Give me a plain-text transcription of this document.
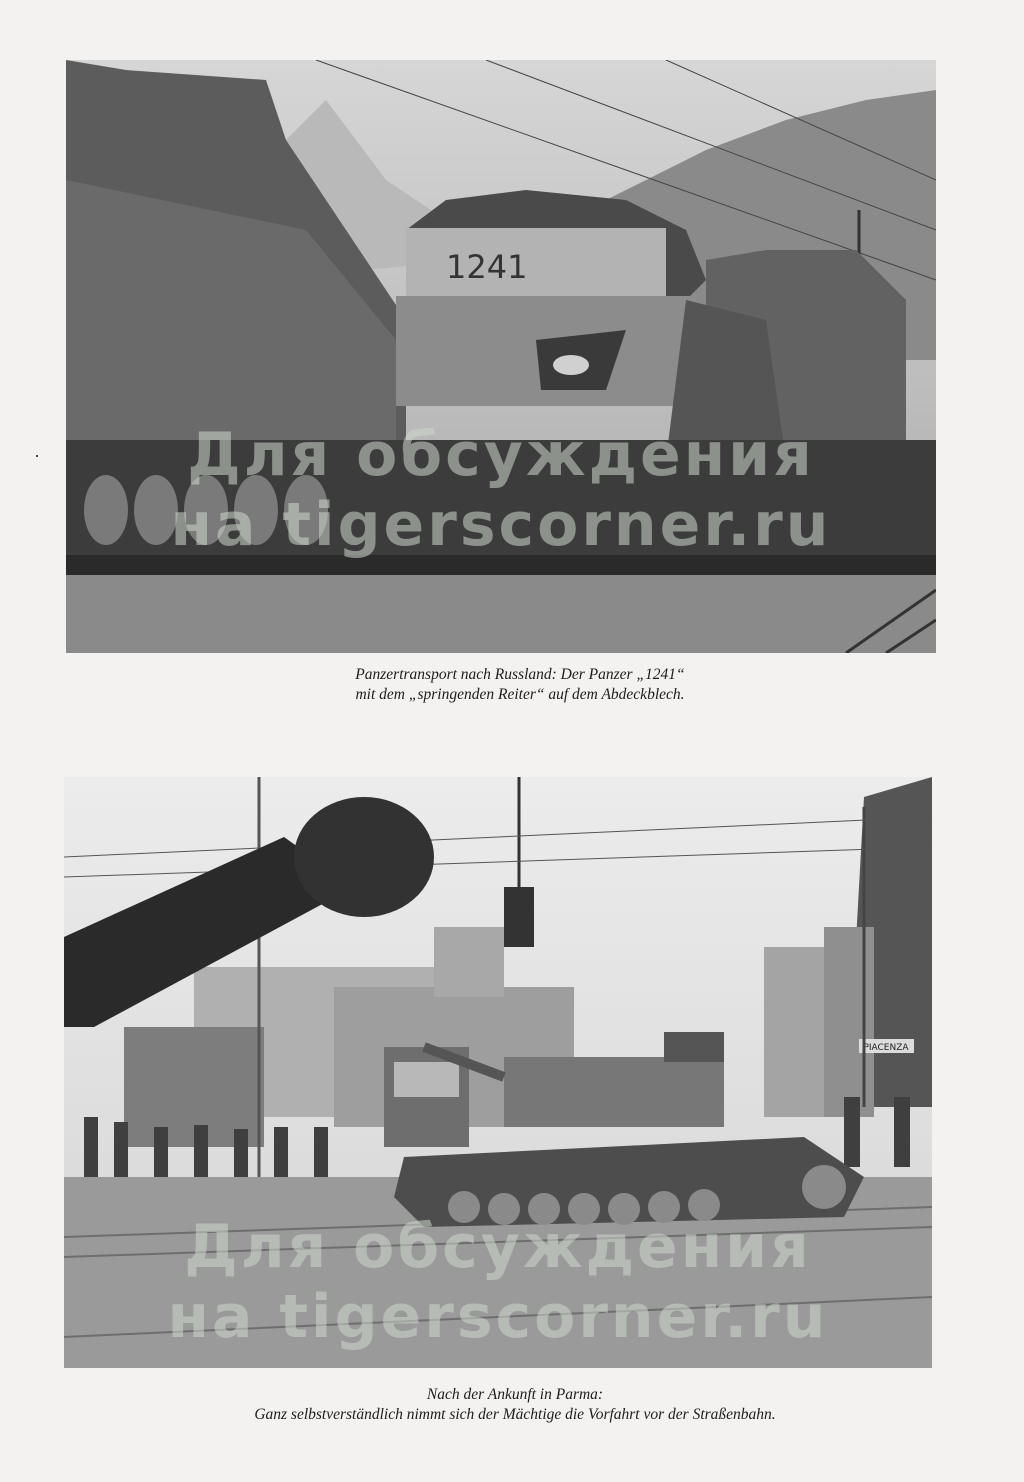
1241
Для обсуждения
на tigerscorner.ru
Panzertransport nach Russland: Der Panzer „1241“
mit dem „springenden Reiter“ auf dem Abdeckblech.
PIACENZA
Для обсуждения
на tigerscorner.ru
Nach der Ankunft in Parma:
Ganz selbstverständlich nimmt sich der Mächtige die Vorfahrt vor der Straßenbahn.
